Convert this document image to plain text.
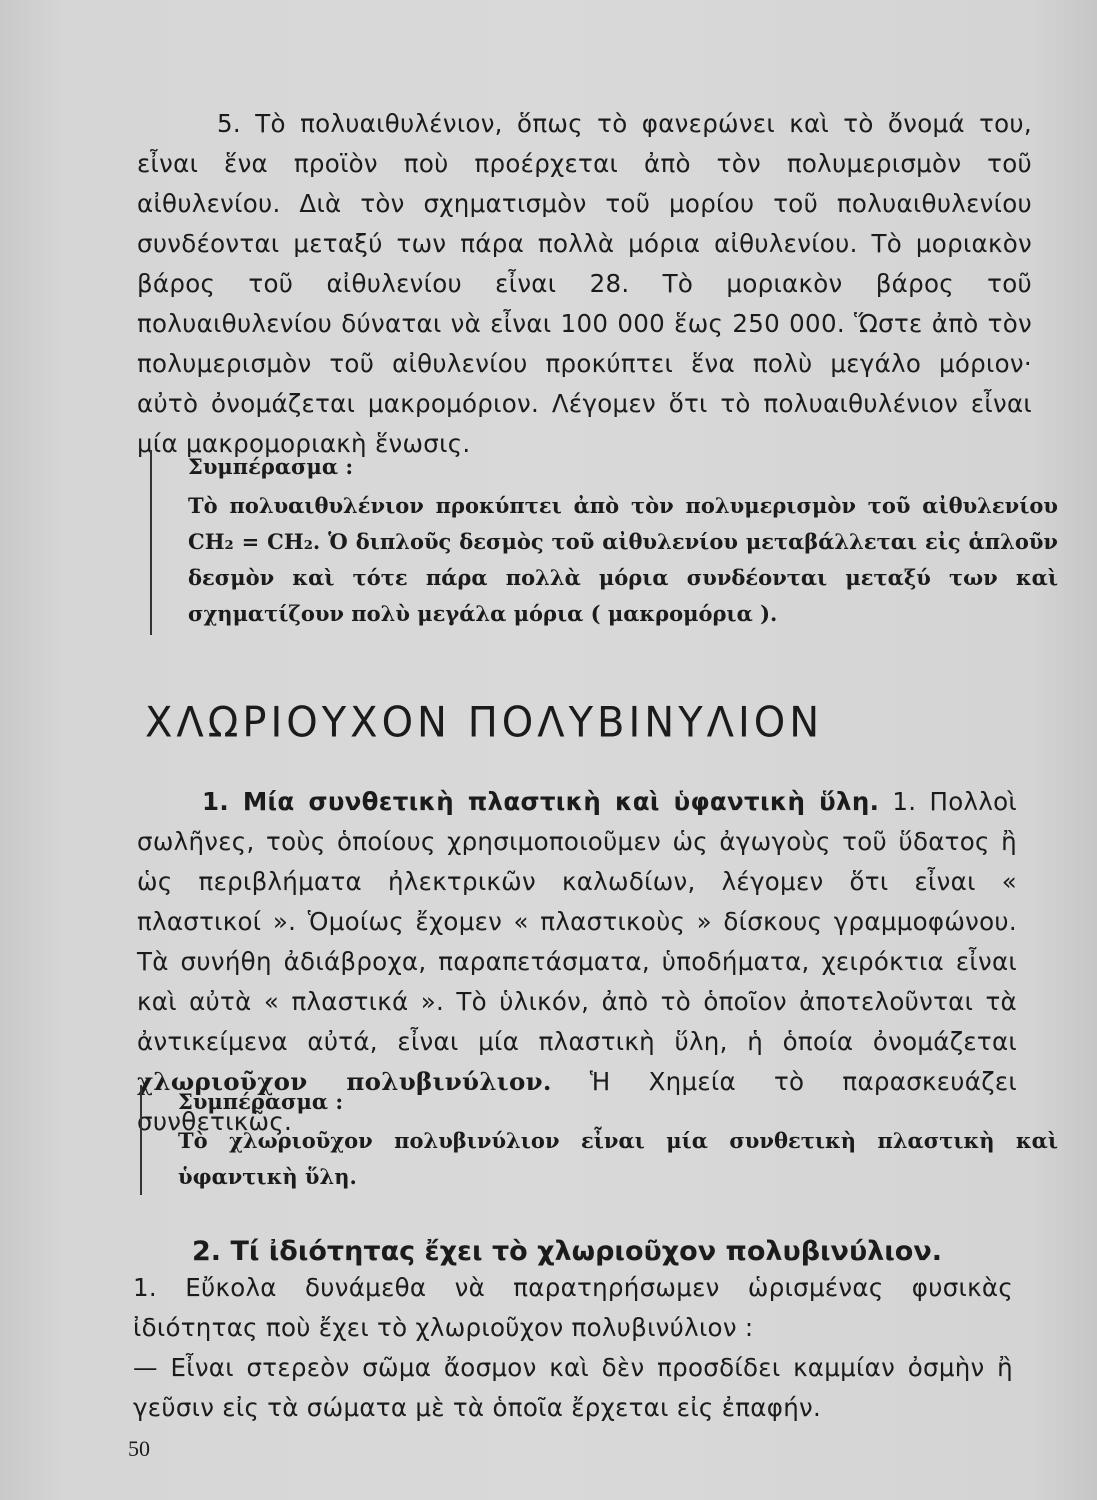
5. Τὸ πολυαιθυλένιον, ὅπως τὸ φανερώνει καὶ τὸ ὄνομά του, εἶναι ἕνα προϊὸν ποὺ προέρχεται ἀπὸ τὸν πολυμερισμὸν τοῦ αἰθυλενίου. Διὰ τὸν σχηματισμὸν τοῦ μορίου τοῦ πολυαιθυλενίου συνδέονται μεταξύ των πάρα πολλὰ μόρια αἰθυλενίου. Τὸ μοριακὸν βάρος τοῦ αἰθυλενίου εἶναι 28. Τὸ μοριακὸν βάρος τοῦ πολυαιθυλενίου δύναται νὰ εἶναι 100 000 ἕως 250 000. Ὥστε ἀπὸ τὸν πολυμερισμὸν τοῦ αἰθυλενίου προκύπτει ἕνα πολὺ μεγάλο μόριον· αὐτὸ ὀνομάζεται μακρομόριον. Λέγομεν ὅτι τὸ πολυαιθυλένιον εἶναι μία μακρομοριακὴ ἕνωσις.

Συμπέρασμα :

Τὸ πολυαιθυλένιον προκύπτει ἀπὸ τὸν πολυμερισμὸν τοῦ αἰθυλενίου CH₂ = CH₂. Ὁ διπλοῦς δεσμὸς τοῦ αἰθυλενίου μεταβάλλεται εἰς ἁπλοῦν δεσμὸν καὶ τότε πάρα πολλὰ μόρια συνδέονται μεταξύ των καὶ σχηματίζουν πολὺ μεγάλα μόρια ( μακρομόρια ).

ΧΛΩΡΙΟΥΧΟΝ ΠΟΛΥΒΙΝΥΛΙΟΝ

1. Μία συνθετικὴ πλαστικὴ καὶ ὑφαντικὴ ὕλη. 1. Πολλοὶ σωλῆνες, τοὺς ὁποίους χρησιμοποιοῦμεν ὡς ἀγωγοὺς τοῦ ὕδατος ἢ ὡς περιβλήματα ἠλεκτρικῶν καλωδίων, λέγομεν ὅτι εἶναι « πλαστικοί ». Ὁμοίως ἔχομεν « πλαστικοὺς » δίσκους γραμμοφώνου. Τὰ συνήθη ἀδιάβροχα, παραπετάσματα, ὑποδήματα, χειρόκτια εἶναι καὶ αὐτὰ « πλαστικά ». Τὸ ὑλικόν, ἀπὸ τὸ ὁποῖον ἀποτελοῦνται τὰ ἀντικείμενα αὐτά, εἶναι μία πλαστικὴ ὕλη, ἡ ὁποία ὀνομάζεται χλωριοῦχον πολυβινύλιον. Ἡ Χημεία τὸ παρασκευάζει συνθετικῶς.

Συμπέρασμα :

Τὸ χλωριοῦχον πολυβινύλιον εἶναι μία συνθετικὴ πλαστικὴ καὶ ὑφαντικὴ ὕλη.

2. Τί ἰδιότητας ἔχει τὸ χλωριοῦχον πολυβινύλιον.

1. Εὔκολα δυνάμεθα νὰ παρατηρήσωμεν ὡρισμένας φυσικὰς ἰδιότητας ποὺ ἔχει τὸ χλωριοῦχον πολυβινύλιον :

— Εἶναι στερεὸν σῶμα ἄοσμον καὶ δὲν προσδίδει καμμίαν ὀσμὴν ἢ γεῦσιν εἰς τὰ σώματα μὲ τὰ ὁποῖα ἔρχεται εἰς ἐπαφήν.

50
